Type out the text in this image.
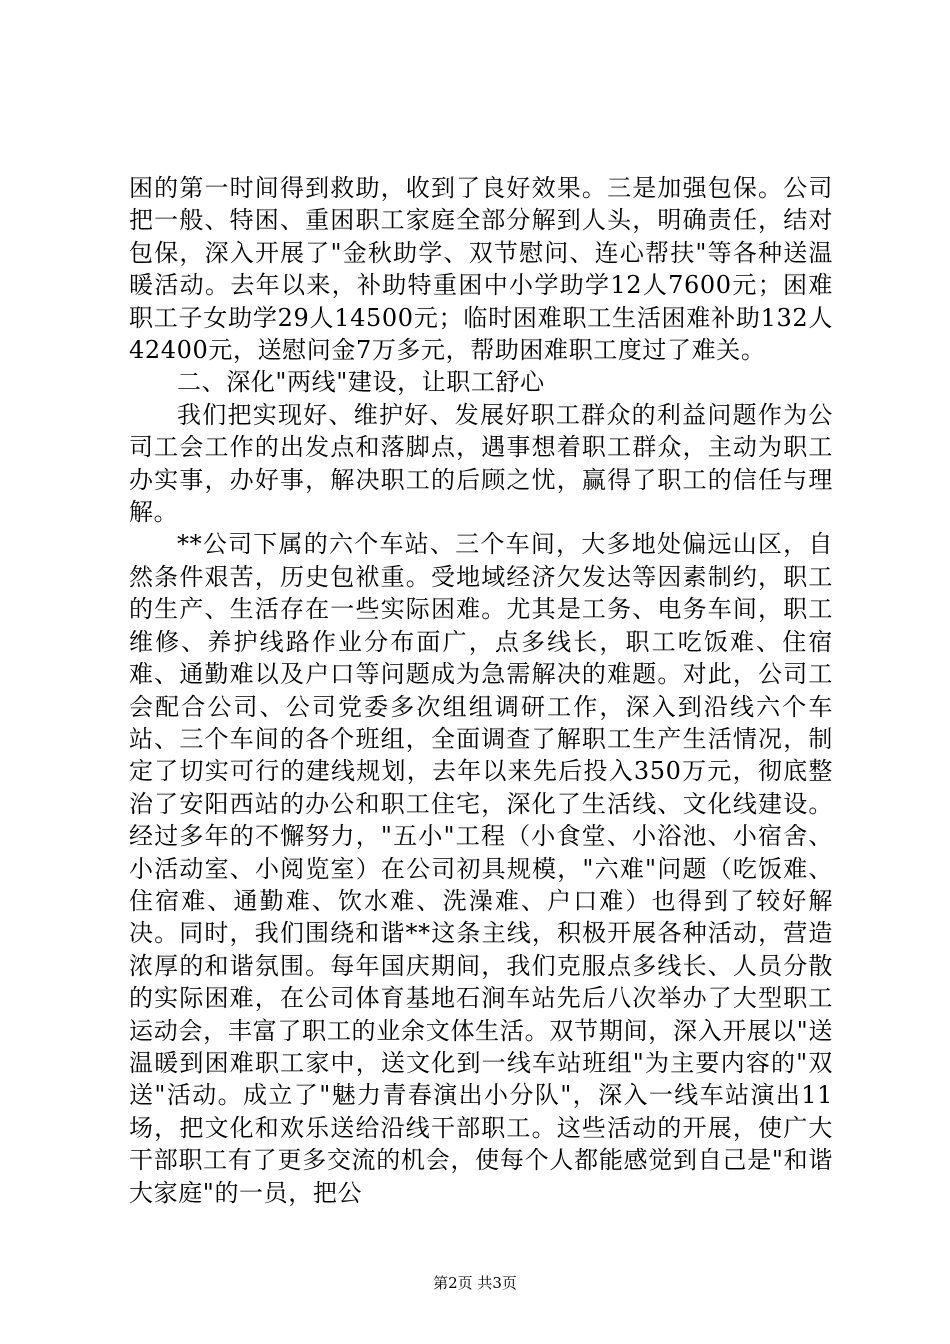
困的第一时间得到救助，收到了良好效果。三是加强包保。公司把一般、特困、重困职工家庭全部分解到人头，明确责任，结对包保，深入开展了"金秋助学、双节慰问、连心帮扶"等各种送温暖活动。去年以来，补助特重困中小学助学12人7600元；困难职工子女助学29人14500元；临时困难职工生活困难补助132人42400元，送慰问金7万多元，帮助困难职工度过了难关。

二、深化"两线"建设，让职工舒心

我们把实现好、维护好、发展好职工群众的利益问题作为公司工会工作的出发点和落脚点，遇事想着职工群众，主动为职工办实事，办好事，解决职工的后顾之忧，赢得了职工的信任与理解。

**公司下属的六个车站、三个车间，大多地处偏远山区，自然条件艰苦，历史包袱重。受地域经济欠发达等因素制约，职工的生产、生活存在一些实际困难。尤其是工务、电务车间，职工维修、养护线路作业分布面广，点多线长，职工吃饭难、住宿难、通勤难以及户口等问题成为急需解决的难题。对此，公司工会配合公司、公司党委多次组组调研工作，深入到沿线六个车站、三个车间的各个班组，全面调查了解职工生产生活情况，制定了切实可行的建线规划，去年以来先后投入350万元，彻底整治了安阳西站的办公和职工住宅，深化了生活线、文化线建设。经过多年的不懈努力，"五小"工程（小食堂、小浴池、小宿舍、小活动室、小阅览室）在公司初具规模，"六难"问题（吃饭难、住宿难、通勤难、饮水难、洗澡难、户口难）也得到了较好解决。同时，我们围绕和谐**这条主线，积极开展各种活动，营造浓厚的和谐氛围。每年国庆期间，我们克服点多线长、人员分散的实际困难，在公司体育基地石涧车站先后八次举办了大型职工运动会，丰富了职工的业余文体生活。双节期间，深入开展以"送温暖到困难职工家中，送文化到一线车站班组"为主要内容的"双送"活动。成立了"魅力青春演出小分队"，深入一线车站演出11场，把文化和欢乐送给沿线干部职工。这些活动的开展，使广大干部职工有了更多交流的机会，使每个人都能感觉到自己是"和谐大家庭"的一员，把公

第2页 共3页
